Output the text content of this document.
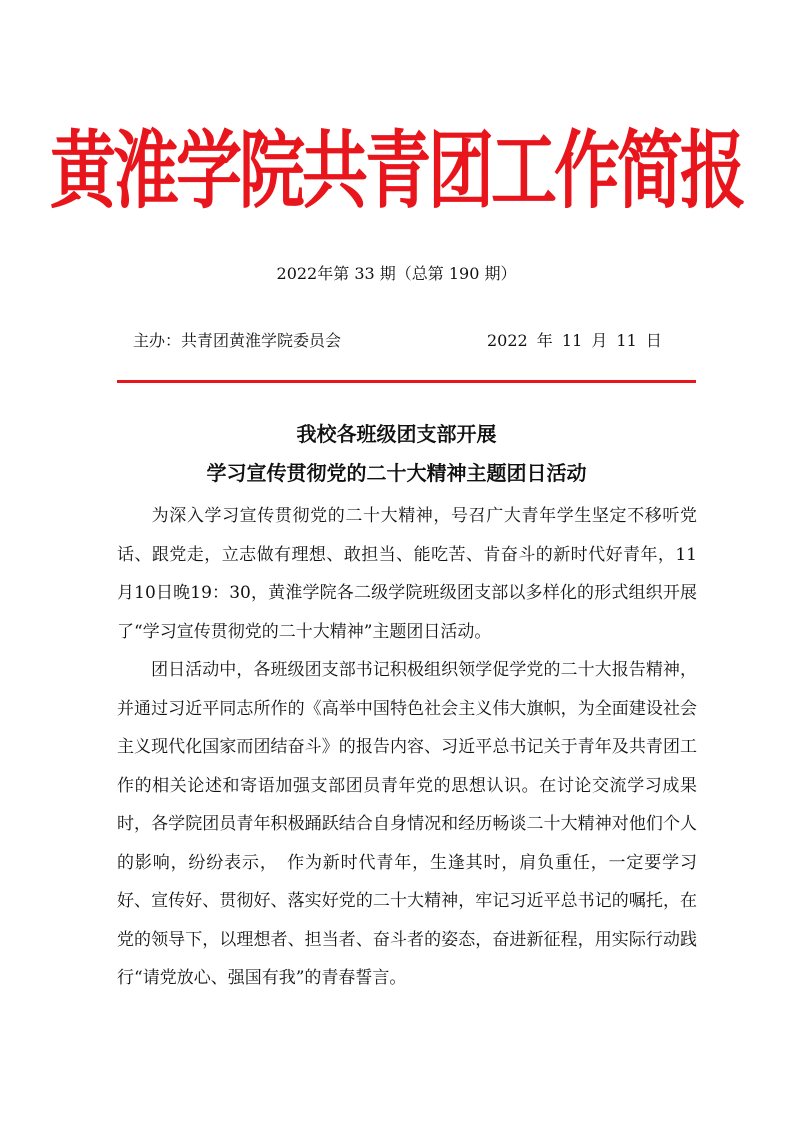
黄淮学院共青团工作简报
2022年第 33 期（总第 190 期）
主办：共青团黄淮学院委员会	2022 年 11 月 11 日
我校各班级团支部开展
学习宣传贯彻党的二十大精神主题团日活动

为深入学习宣传贯彻党的二十大精神，号召广大青年学生坚定不移听党话、跟党走，立志做有理想、敢担当、能吃苦、肯奋斗的新时代好青年，11月10日晚19：30，黄淮学院各二级学院班级团支部以多样化的形式组织开展了“学习宣传贯彻党的二十大精神”主题团日活动。

团日活动中，各班级团支部书记积极组织领学促学党的二十大报告精神，并通过习近平同志所作的《高举中国特色社会主义伟大旗帜，为全面建设社会主义现代化国家而团结奋斗》的报告内容、习近平总书记关于青年及共青团工作的相关论述和寄语加强支部团员青年党的思想认识。在讨论交流学习成果时，各学院团员青年积极踊跃结合自身情况和经历畅谈二十大精神对他们个人的影响，纷纷表示，　作为新时代青年，生逢其时，肩负重任，一定要学习好、宣传好、贯彻好、落实好党的二十大精神，牢记习近平总书记的嘱托，在党的领导下，以理想者、担当者、奋斗者的姿态，奋进新征程，用实际行动践行“请党放心、强国有我”的青春誓言。
